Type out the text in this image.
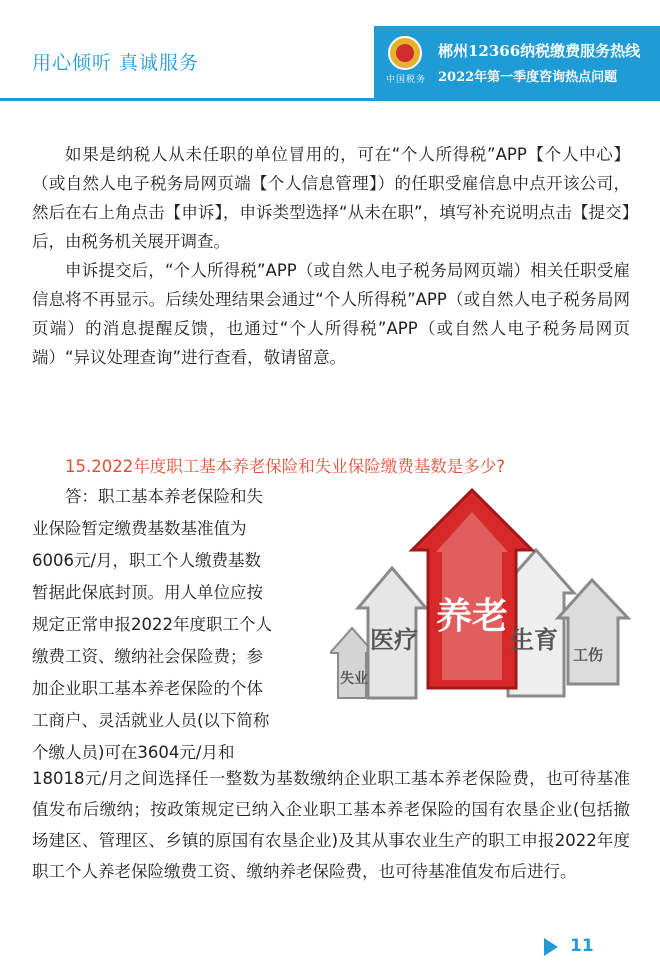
用心倾听 真诚服务
中国税务
郴州12366纳税缴费服务热线
2022年第一季度咨询热点问题

如果是纳税人从未任职的单位冒用的，可在“个人所得税”APP【个人中心】（或自然人电子税务局网页端【个人信息管理】）的任职受雇信息中点开该公司，然后在右上角点击【申诉】，申诉类型选择“从未在职”，填写补充说明点击【提交】后，由税务机关展开调查。

申诉提交后，“个人所得税”APP（或自然人电子税务局网页端）相关任职受雇信息将不再显示。后续处理结果会通过“个人所得税”APP（或自然人电子税务局网页端）的消息提醒反馈，也通过“个人所得税”APP（或自然人电子税务局网页端）“异议处理查询”进行查看，敬请留意。

15.2022年度职工基本养老保险和失业保险缴费基数是多少?
答：职工基本养老保险和失
业保险暂定缴费基数基准值为
6006元/月，职工个人缴费基数
暂据此保底封顶。用人单位应按
规定正常申报2022年度职工个人
缴费工资、缴纳社会保险费；参
加企业职工基本养老保险的个体
工商户、灵活就业人员(以下简称
个缴人员)可在3604元/月和
失业
医疗
养老
生育
工伤
18018元/月之间选择任一整数为基数缴纳企业职工基本养老保险费，也可待基准值发布后缴纳；按政策规定已纳入企业职工基本养老保险的国有农垦企业(包括撤场建区、管理区、乡镇的原国有农垦企业)及其从事农业生产的职工申报2022年度职工个人养老保险缴费工资、缴纳养老保险费，也可待基准值发布后进行。
11
